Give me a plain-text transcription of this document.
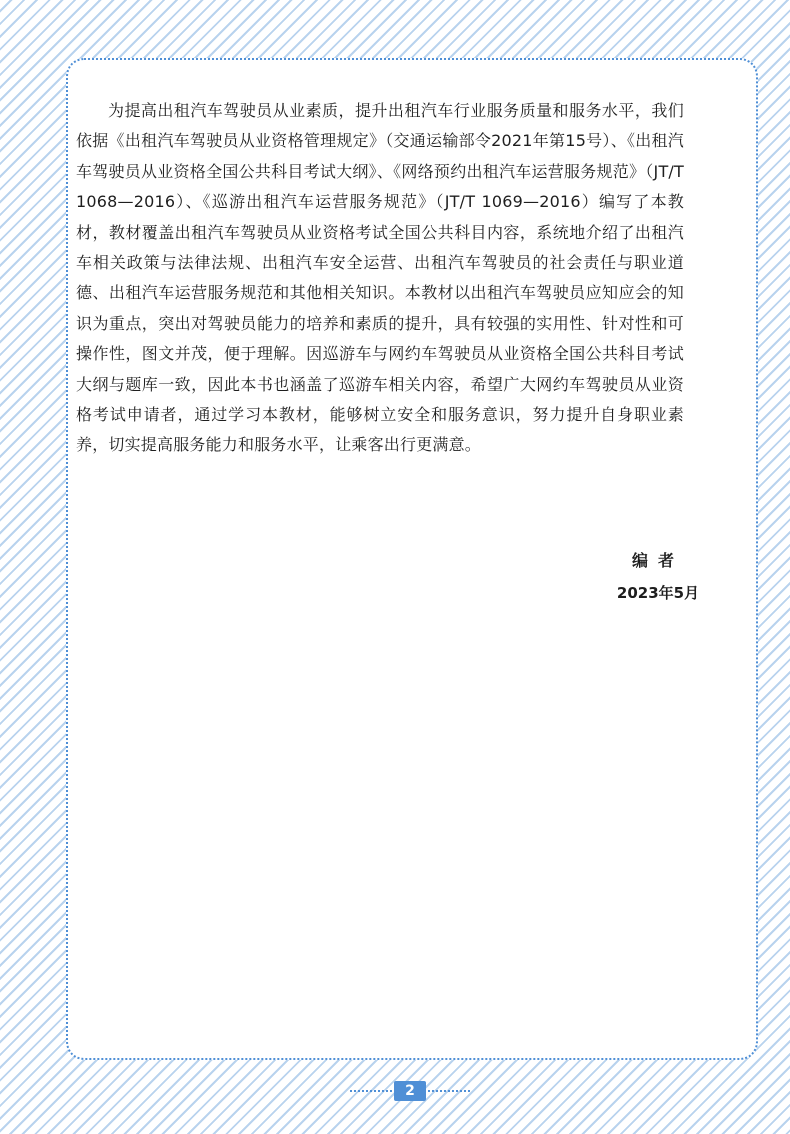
为提高出租汽车驾驶员从业素质，提升出租汽车行业服务质量和服务水平，我们依据《出租汽车驾驶员从业资格管理规定》（交通运输部令2021年第15号）、《出租汽车驾驶员从业资格全国公共科目考试大纲》、《网络预约出租汽车运营服务规范》（JT/T 1068—2016）、《巡游出租汽车运营服务规范》（JT/T 1069—2016）编写了本教材，教材覆盖出租汽车驾驶员从业资格考试全国公共科目内容，系统地介绍了出租汽车相关政策与法律法规、出租汽车安全运营、出租汽车驾驶员的社会责任与职业道德、出租汽车运营服务规范和其他相关知识。本教材以出租汽车驾驶员应知应会的知识为重点，突出对驾驶员能力的培养和素质的提升，具有较强的实用性、针对性和可操作性，图文并茂，便于理解。因巡游车与网约车驾驶员从业资格全国公共科目考试大纲与题库一致，因此本书也涵盖了巡游车相关内容，希望广大网约车驾驶员从业资格考试申请者，通过学习本教材，能够树立安全和服务意识，努力提升自身职业素养，切实提高服务能力和服务水平，让乘客出行更满意。

编者

2023年5月

2
